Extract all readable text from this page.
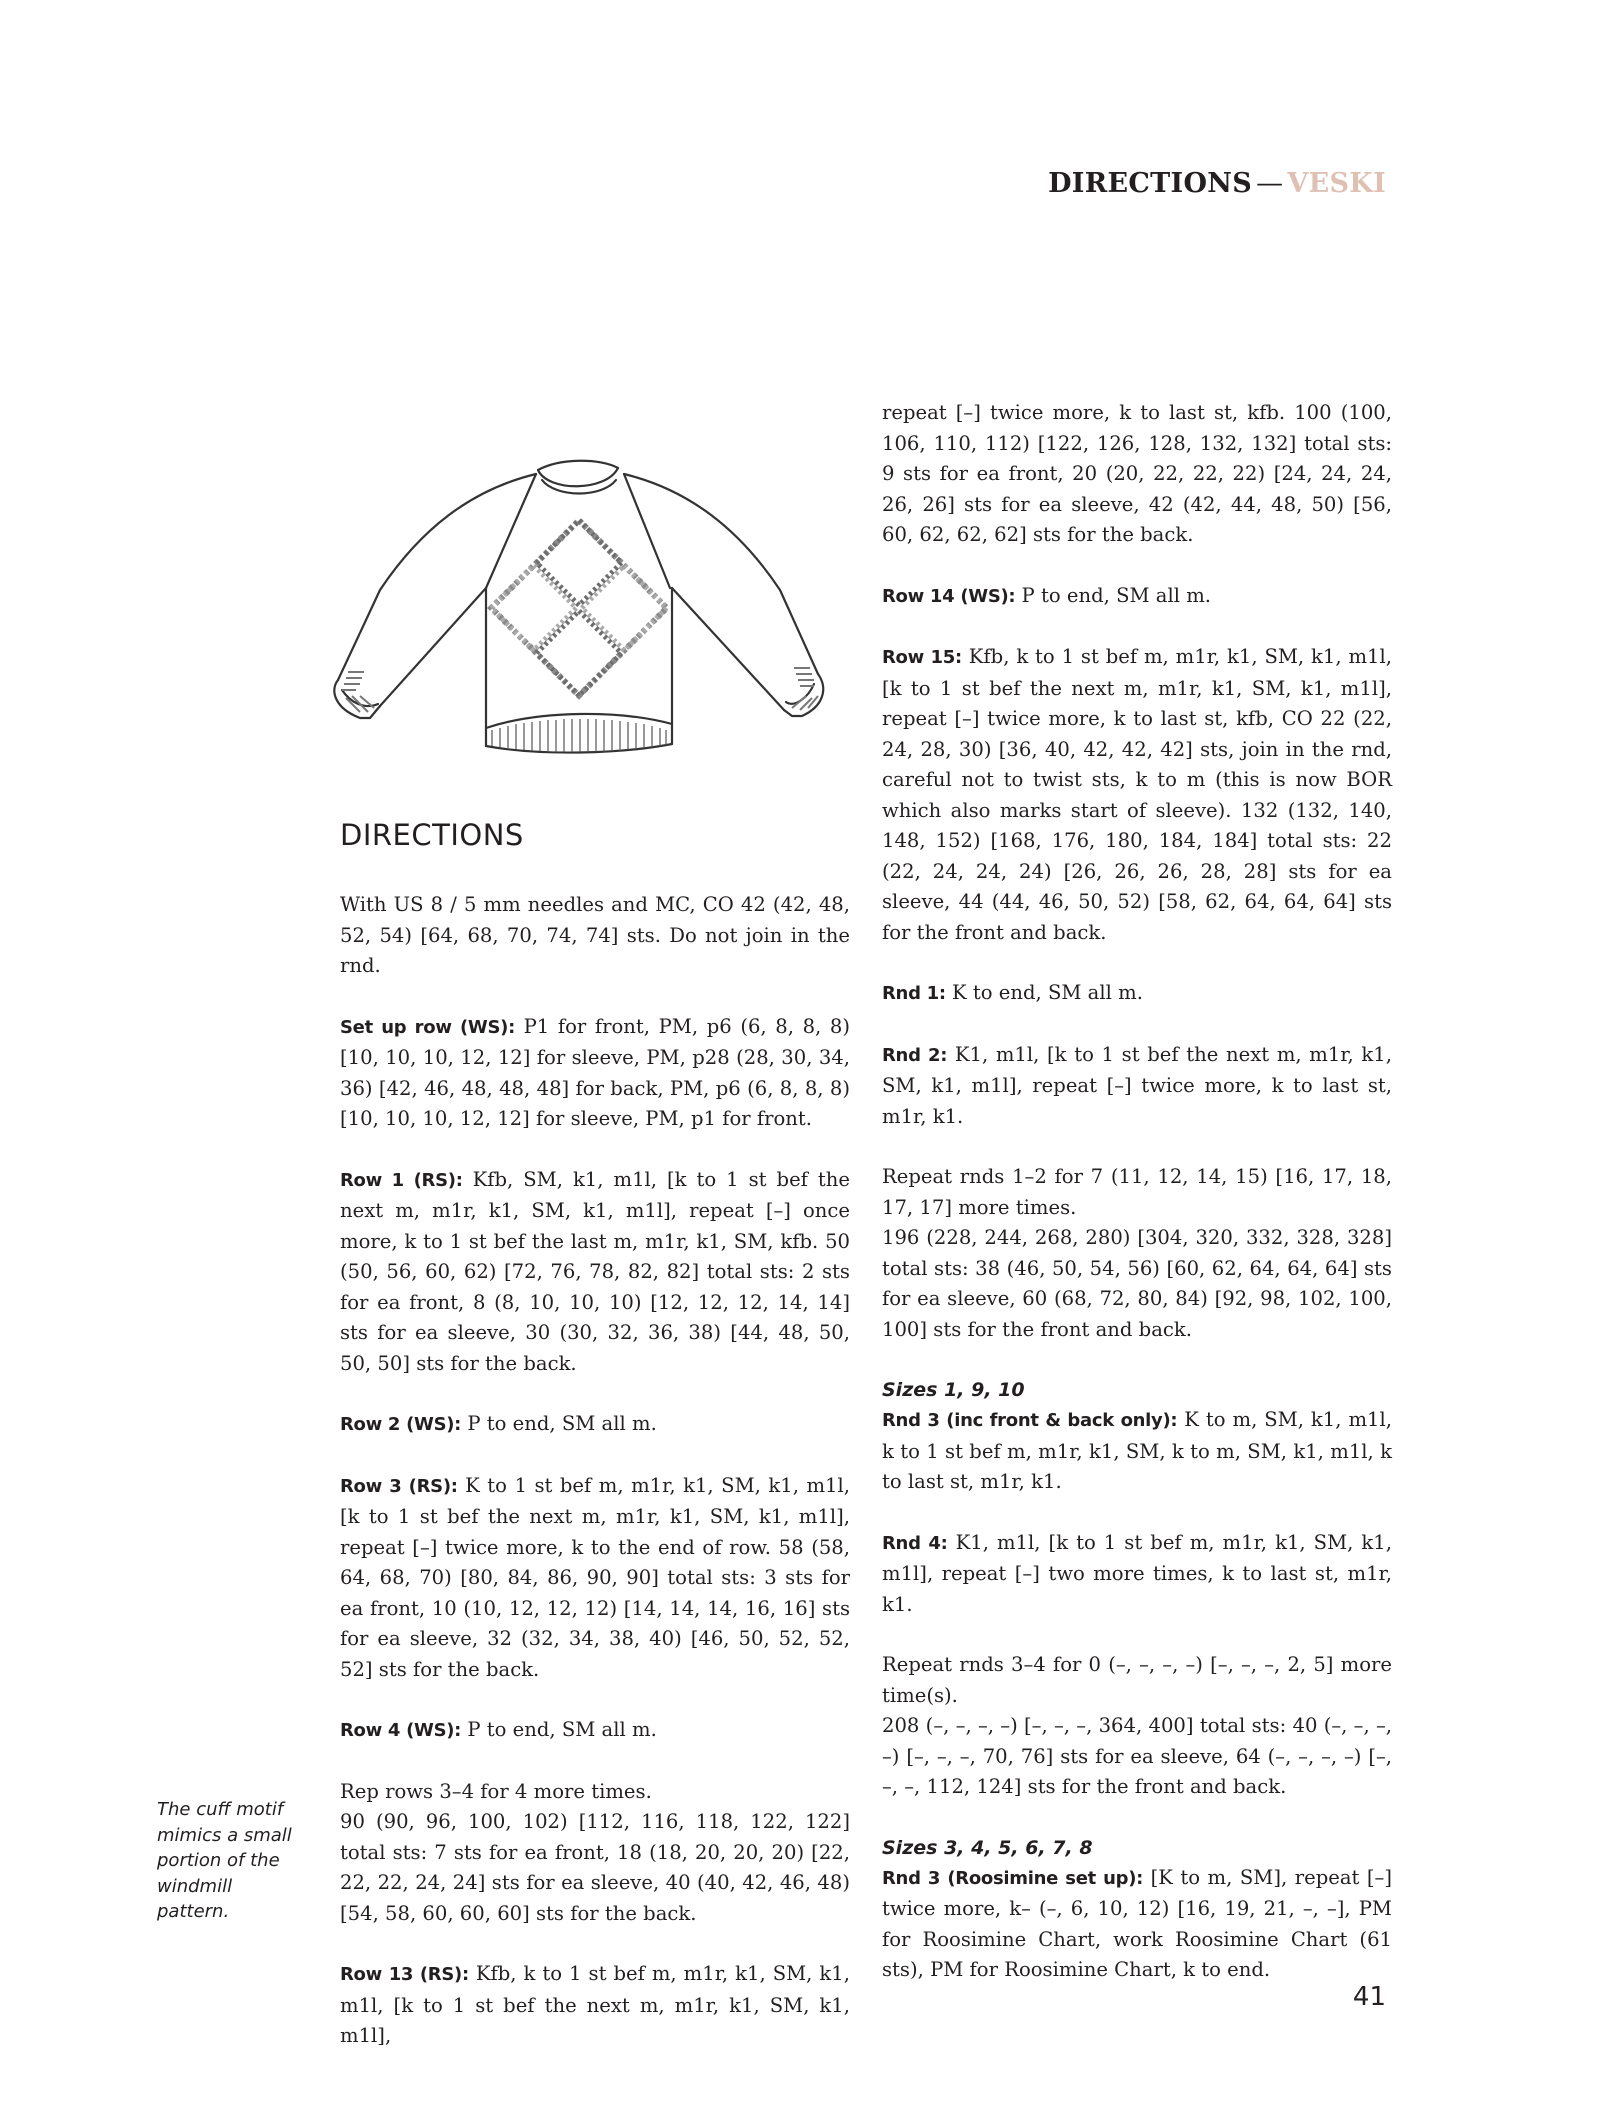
DIRECTIONS — VESKI
DIRECTIONS

With US 8 / 5 mm needles and MC, CO 42 (42, 48, 52, 54) [64, 68, 70, 74, 74] sts. Do not join in the rnd.

Set up row (WS): P1 for front, PM, p6 (6, 8, 8, 8) [10, 10, 10, 12, 12] for sleeve, PM, p28 (28, 30, 34, 36) [42, 46, 48, 48, 48] for back, PM, p6 (6, 8, 8, 8) [10, 10, 10, 12, 12] for sleeve, PM, p1 for front.

Row 1 (RS): Kfb, SM, k1, m1l, [k to 1 st bef the next m, m1r, k1, SM, k1, m1l], repeat [–] once more, k to 1 st bef the last m, m1r, k1, SM, kfb. 50 (50, 56, 60, 62) [72, 76, 78, 82, 82] total sts: 2 sts for ea front, 8 (8, 10, 10, 10) [12, 12, 12, 14, 14] sts for ea sleeve, 30 (30, 32, 36, 38) [44, 48, 50, 50, 50] sts for the back.

Row 2 (WS): P to end, SM all m.

Row 3 (RS): K to 1 st bef m, m1r, k1, SM, k1, m1l, [k to 1 st bef the next m, m1r, k1, SM, k1, m1l], repeat [–] twice more, k to the end of row. 58 (58, 64, 68, 70) [80, 84, 86, 90, 90] total sts: 3 sts for ea front, 10 (10, 12, 12, 12) [14, 14, 14, 16, 16] sts for ea sleeve, 32 (32, 34, 38, 40) [46, 50, 52, 52, 52] sts for the back.

Row 4 (WS): P to end, SM all m.

Rep rows 3–4 for 4 more times.

90 (90, 96, 100, 102) [112, 116, 118, 122, 122] total sts: 7 sts for ea front, 18 (18, 20, 20, 20) [22, 22, 22, 24, 24] sts for ea sleeve, 40 (40, 42, 46, 48) [54, 58, 60, 60, 60] sts for the back.

Row 13 (RS): Kfb, k to 1 st bef m, m1r, k1, SM, k1, m1l, [k to 1 st bef the next m, m1r, k1, SM, k1, m1l],

repeat [–] twice more, k to last st, kfb. 100 (100, 106, 110, 112) [122, 126, 128, 132, 132] total sts: 9 sts for ea front, 20 (20, 22, 22, 22) [24, 24, 24, 26, 26] sts for ea sleeve, 42 (42, 44, 48, 50) [56, 60, 62, 62, 62] sts for the back.

Row 14 (WS): P to end, SM all m.

Row 15: Kfb, k to 1 st bef m, m1r, k1, SM, k1, m1l, [k to 1 st bef the next m, m1r, k1, SM, k1, m1l], repeat [–] twice more, k to last st, kfb, CO 22 (22, 24, 28, 30) [36, 40, 42, 42, 42] sts, join in the rnd, careful not to twist sts, k to m (this is now BOR which also marks start of sleeve). 132 (132, 140, 148, 152) [168, 176, 180, 184, 184] total sts: 22 (22, 24, 24, 24) [26, 26, 26, 28, 28] sts for ea sleeve, 44 (44, 46, 50, 52) [58, 62, 64, 64, 64] sts for the front and back.

Rnd 1: K to end, SM all m.

Rnd 2: K1, m1l, [k to 1 st bef the next m, m1r, k1, SM, k1, m1l], repeat [–] twice more, k to last st, m1r, k1.

Repeat rnds 1–2 for 7 (11, 12, 14, 15) [16, 17, 18, 17, 17] more times.

196 (228, 244, 268, 280) [304, 320, 332, 328, 328] total sts: 38 (46, 50, 54, 56) [60, 62, 64, 64, 64] sts for ea sleeve, 60 (68, 72, 80, 84) [92, 98, 102, 100, 100] sts for the front and back.

Sizes 1, 9, 10

Rnd 3 (inc front & back only): K to m, SM, k1, m1l, k to 1 st bef m, m1r, k1, SM, k to m, SM, k1, m1l, k to last st, m1r, k1.

Rnd 4: K1, m1l, [k to 1 st bef m, m1r, k1, SM, k1, m1l], repeat [–] two more times, k to last st, m1r, k1.

Repeat rnds 3–4 for 0 (–, –, –, –) [–, –, –, 2, 5] more time(s).

208 (–, –, –, –) [–, –, –, 364, 400] total sts: 40 (–, –, –, –) [–, –, –, 70, 76] sts for ea sleeve, 64 (–, –, –, –) [–, –, –, 112, 124] sts for the front and back.

Sizes 3, 4, 5, 6, 7, 8

Rnd 3 (Roosimine set up): [K to m, SM], repeat [–] twice more, k– (–, 6, 10, 12) [16, 19, 21, –, –], PM for Roosimine Chart, work Roosimine Chart (61 sts), PM for Roosimine Chart, k to end.

The cuff motif mimics a small portion of the windmill pattern.
41
